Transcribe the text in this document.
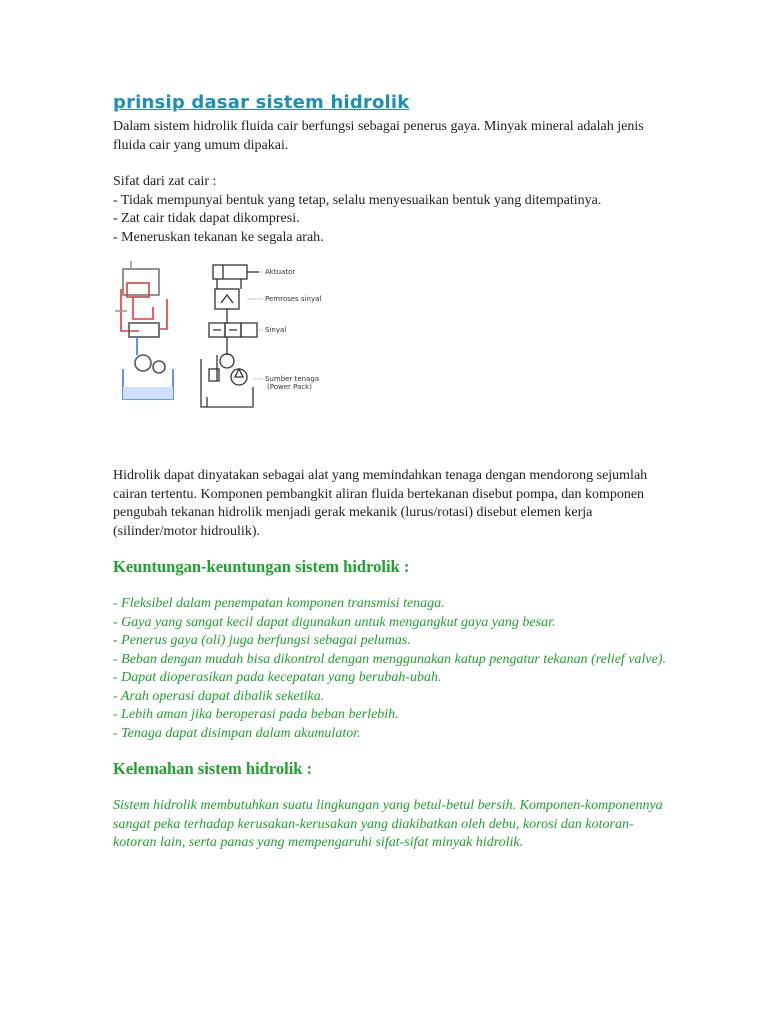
prinsip dasar sistem hidrolik

Dalam sistem hidrolik fluida cair berfungsi sebagai penerus gaya. Minyak mineral adalah jenis fluida cair yang umum dipakai.

Sifat dari zat cair :

- Tidak mempunyai bentuk yang tetap, selalu menyesuaikan bentuk yang ditempatinya.

- Zat cair tidak dapat dikompresi.

- Meneruskan tekanan ke segala arah.

Aktuator
Pemroses sinyal
Sinyal
Sumber tenaga
(Power Pack)

Hidrolik dapat dinyatakan sebagai alat yang memindahkan tenaga dengan mendorong sejumlah cairan tertentu. Komponen pembangkit aliran fluida bertekanan disebut pompa, dan komponen pengubah tekanan hidrolik menjadi gerak mekanik (lurus/rotasi) disebut elemen kerja (silinder/motor hidroulik).

Keuntungan-keuntungan sistem hidrolik :

- Fleksibel dalam penempatan komponen transmisi tenaga.

- Gaya yang sangat kecil dapat digunakan untuk mengangkut gaya yang besar.

- Penerus gaya (oli) juga berfungsi sebagai pelumas.

- Beban dengan mudah bisa dikontrol dengan menggunakan katup pengatur tekanan (relief valve).

- Dapat dioperasikan pada kecepatan yang berubah-ubah.

- Arah operasi dapat dibalik seketika.

- Lebih aman jika beroperasi pada beban berlebih.

- Tenaga dapat disimpan dalam akumulator.

Kelemahan sistem hidrolik :

Sistem hidrolik membutuhkan suatu lingkungan yang betul-betul bersih. Komponen-komponennya sangat peka terhadap kerusakan-kerusakan yang diakibatkan oleh debu, korosi dan kotoran-kotoran lain, serta panas yang mempengaruhi sifat-sifat minyak hidrolik.
